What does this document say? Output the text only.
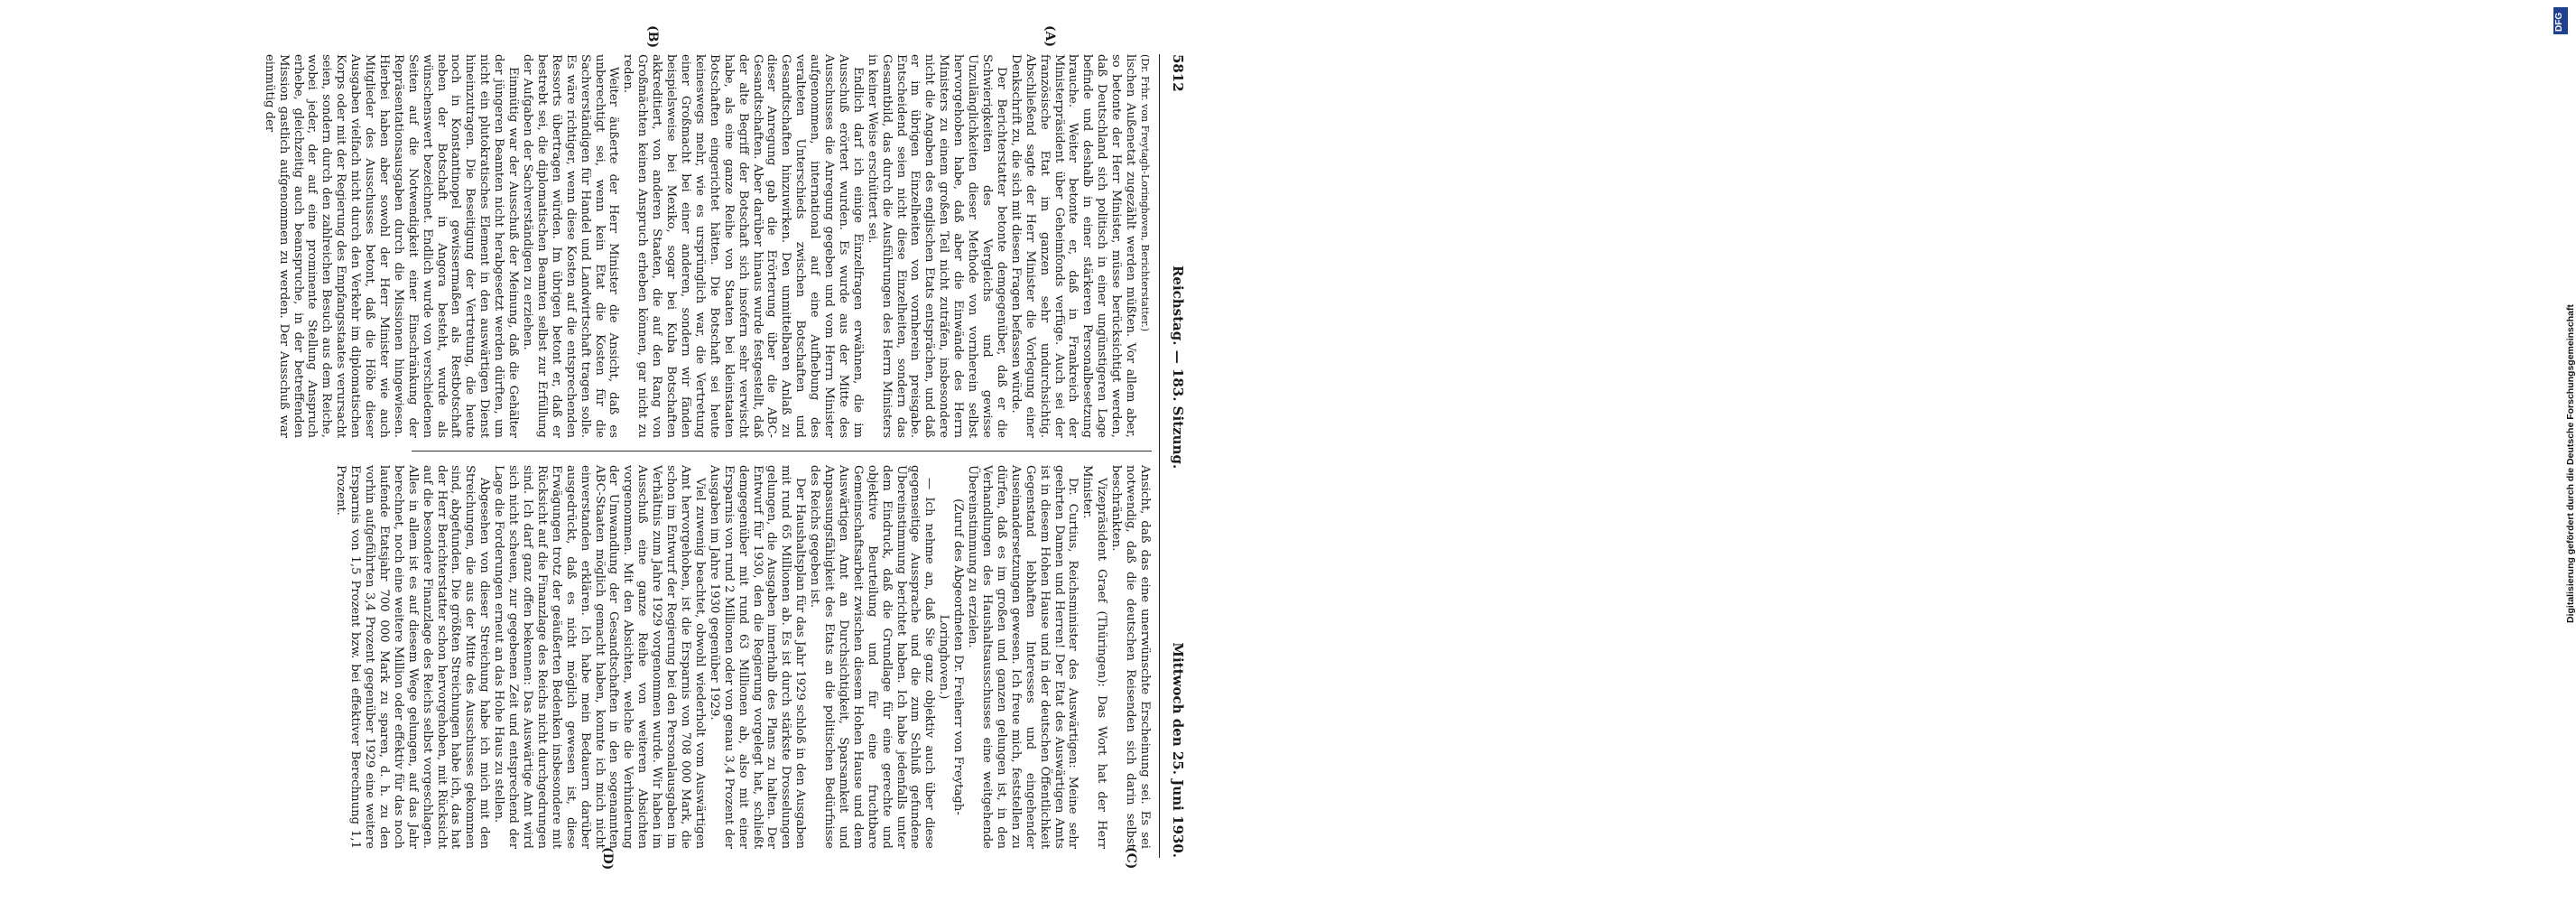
5812
Reichstag. — 183. Sitzung.
Mittwoch den 25. Juni 1930.
(A)
(B)
(C)
(D)

(Dr. Frhr. von Freytagh-Loringhoven, Berichterstatter.)

lischen Außenetat zugezählt werden müßten. Vor allem aber, so betonte der Herr Minister, müsse berücksichtigt werden, daß Deutschland sich politisch in einer ungünstigeren Lage befinde und deshalb in einer stärkeren Personalbesetzung brauche. Weiter betonte er, daß in Frankreich der Ministerpräsident über Geheimfonds verfüge. Auch sei der französische Etat im ganzen sehr undurchsichtig. Abschließend sagte der Herr Minister die Vorlegung einer Denkschrift zu, die sich mit diesen Fragen befassen würde.

Der Berichterstatter betonte demgegenüber, daß er die Schwierigkeiten des Vergleichs und gewisse Unzulänglichkeiten dieser Methode von vornherein selbst hervorgehoben habe, daß aber die Einwände des Herrn Ministers zu einem großen Teil nicht zuträfen, insbesondere nicht die Angaben des englischen Etats entsprächen, und daß er im übrigen Einzelheiten von vornherein preisgabe. Entscheidend seien nicht diese Einzelheiten, sondern das Gesamtbild, das durch die Ausführungen des Herrn Ministers in keiner Weise erschüttert sei.

Endlich darf ich einige Einzelfragen erwähnen, die im Ausschuß erörtert wurden. Es wurde aus der Mitte des Ausschusses die Anregung gegeben und vom Herrn Minister aufgenommen, international auf eine Aufhebung des veralteten Unterschieds zwischen Botschaften und Gesandtschaften hinzuwirken. Den unmittelbaren Anlaß zu dieser Anregung gab die Erörterung über die ABC-Gesandtschaften. Aber darüber hinaus wurde festgestellt, daß der alte Begriff der Botschaft sich insofern sehr verwischt habe, als eine ganze Reihe von Staaten bei kleinstaaten Botschaften eingerichtet hätten. Die Botschaft sei heute keineswegs mehr, wie es ursprünglich war, die Vertretung einer Großmacht bei einer anderen, sondern wir fänden beispielsweise bei Mexiko, sogar bei Kuba Botschaften akkreditiert, von anderen Staaten, die auf den Rang von Großmächten keinen Anspruch erheben können, gar nicht zu reden.

Weiter äußerte der Herr Minister die Ansicht, daß es unberechtigt sei, wenn kein Etat die Kosten für die Sachverständigen für Handel und Landwirtschaft tragen solle. Es wäre richtiger, wenn diese Kosten auf die entsprechenden Ressorts übertragen würden. Im übrigen betont er, daß er bestrebt sei, die diplomatischen Beamten selbst zur Erfüllung der Aufgaben der Sachverständigen zu erziehen.

Einmütig war der Ausschuß der Meinung, daß die Gehälter der jüngeren Beamten nicht herabgesetzt werden dürften, um nicht ein plutokratisches Element in den auswärtigen Dienst hineinzutragen. Die Beseitigung der Vertretung, die heute noch in Konstantinopel gewissermaßen als Restbotschaft neben der Botschaft in Angora besteht, wurde als wünschenswert bezeichnet. Endlich wurde von verschiedenen Seiten auf die Notwendigkeit einer Einschränkung der Repräsentationsausgaben durch die Missionen hingewiesen. Hierbei haben aber sowohl der Herr Minister wie auch Mitglieder des Ausschusses betont, daß die Höhe dieser Ausgaben vielfach nicht durch den Verkehr im diplomatischen Korps oder mit der Regierung des Empfangsstaates verursacht seien, sondern durch den zahlreichen Besuch aus dem Reiche, wobei jeder, der auf eine prominente Stellung Anspruch erhebe, gleichzeitig auch beanspruche, in der betreffenden Mission gastlich aufgenommen zu werden. Der Ausschuß war einmütig der

Ansicht, daß das eine unerwünschte Erscheinung sei. Es sei notwendig, daß die deutschen Reisenden sich darin selbst beschränkten.

Vizepräsident Graef (Thüringen): Das Wort hat der Herr Minister.

Dr. Curtius, Reichsminister des Auswärtigen: Meine sehr geehrten Damen und Herren! Der Etat des Auswärtigen Amts ist in diesem Hohen Hause und in der deutschen Öffentlichkeit Gegenstand lebhaften Interesses und eingehender Auseinandersetzungen gewesen. Ich freue mich, feststellen zu dürfen, daß es im großen und ganzen gelungen ist, in den Verhandlungen des Haushaltsausschusses eine weitgehende Übereinstimmung zu erzielen.

(Zuruf des Abgeordneten Dr. Freiherr von Freytagh-Loringhoven.)

— Ich nehme an, daß Sie ganz objektiv auch über diese gegenseitige Aussprache und die zum Schluß gefundene Übereinstimmung berichtet haben. Ich habe jedenfalls unter dem Eindruck, daß die Grundlage für eine gerechte und objektive Beurteilung und für eine fruchtbare Gemeinschaftsarbeit zwischen diesem Hohen Hause und dem Auswärtigen Amt an Durchsichtigkeit, Sparsamkeit und Anpassungsfähigkeit des Etats an die politischen Bedürfnisse des Reichs gegeben ist.

Der Haushaltsplan für das Jahr 1929 schloß in den Ausgaben mit rund 65 Millionen ab. Es ist durch stärkste Drosselungen gelungen, die Ausgaben innerhalb des Plans zu halten. Der Entwurf für 1930, den die Regierung vorgelegt hat, schließt demgegenüber mit rund 63 Millionen ab, also mit einer Ersparnis von rund 2 Millionen oder von genau 3,4 Prozent der Ausgaben im Jahre 1930 gegenüber 1929.

Viel zuwenig beachtet, obwohl wiederholt vom Auswärtigen Amt hervorgehoben, ist die Ersparnis von 708 000 Mark, die schon im Entwurf der Regierung bei den Personalausgaben im Verhältnis zum Jahre 1929 vorgenommen wurde. Wir haben im Ausschuß eine ganze Reihe von weiteren Absichten vorgenommen. Mit den Absichten, welche die Verhinderung der Umwandlung der Gesandtschaften in den sogenannten ABC-Staaten möglich gemacht haben, konnte ich mich nicht einverstanden erklären. Ich habe mein Bedauern darüber ausgedrückt, daß es nicht möglich gewesen ist, diese Erwägungen trotz der geäußerten Bedenken insbesondere mit Rücksicht auf die Finanzlage des Reichs nicht durchgedrungen sind. Ich darf ganz offen bekennen: Das Auswärtige Amt wird sich nicht scheuen, zur gegebenen Zeit und entsprechend der Lage die Forderungen erneut an das Hohe Haus zu stellen.

Abgesehen von dieser Streichung habe ich mich mit den Streichungen, die aus der Mitte des Ausschusses gekommen sind, abgefunden. Die größten Streichungen habe ich, das hat der Herr Berichterstatter schon hervorgehoben, mit Rücksicht auf die besondere Finanzlage des Reichs selbst vorgeschlagen. Alles in allem ist es auf diesem Wege gelungen, auf das Jahr berechnet, noch eine weitere Million oder effektiv für das noch laufende Etatsjahr 700 000 Mark zu sparen, d. h. zu den vorhin aufgeführten 3,4 Prozent gegenüber 1929 eine weitere Ersparnis von 1,5 Prozent bzw. bei effektiver Berechnung 1,1 Prozent.

DFG
Digitalisierung gefördert durch die Deutsche Forschungsgemeinschaft
